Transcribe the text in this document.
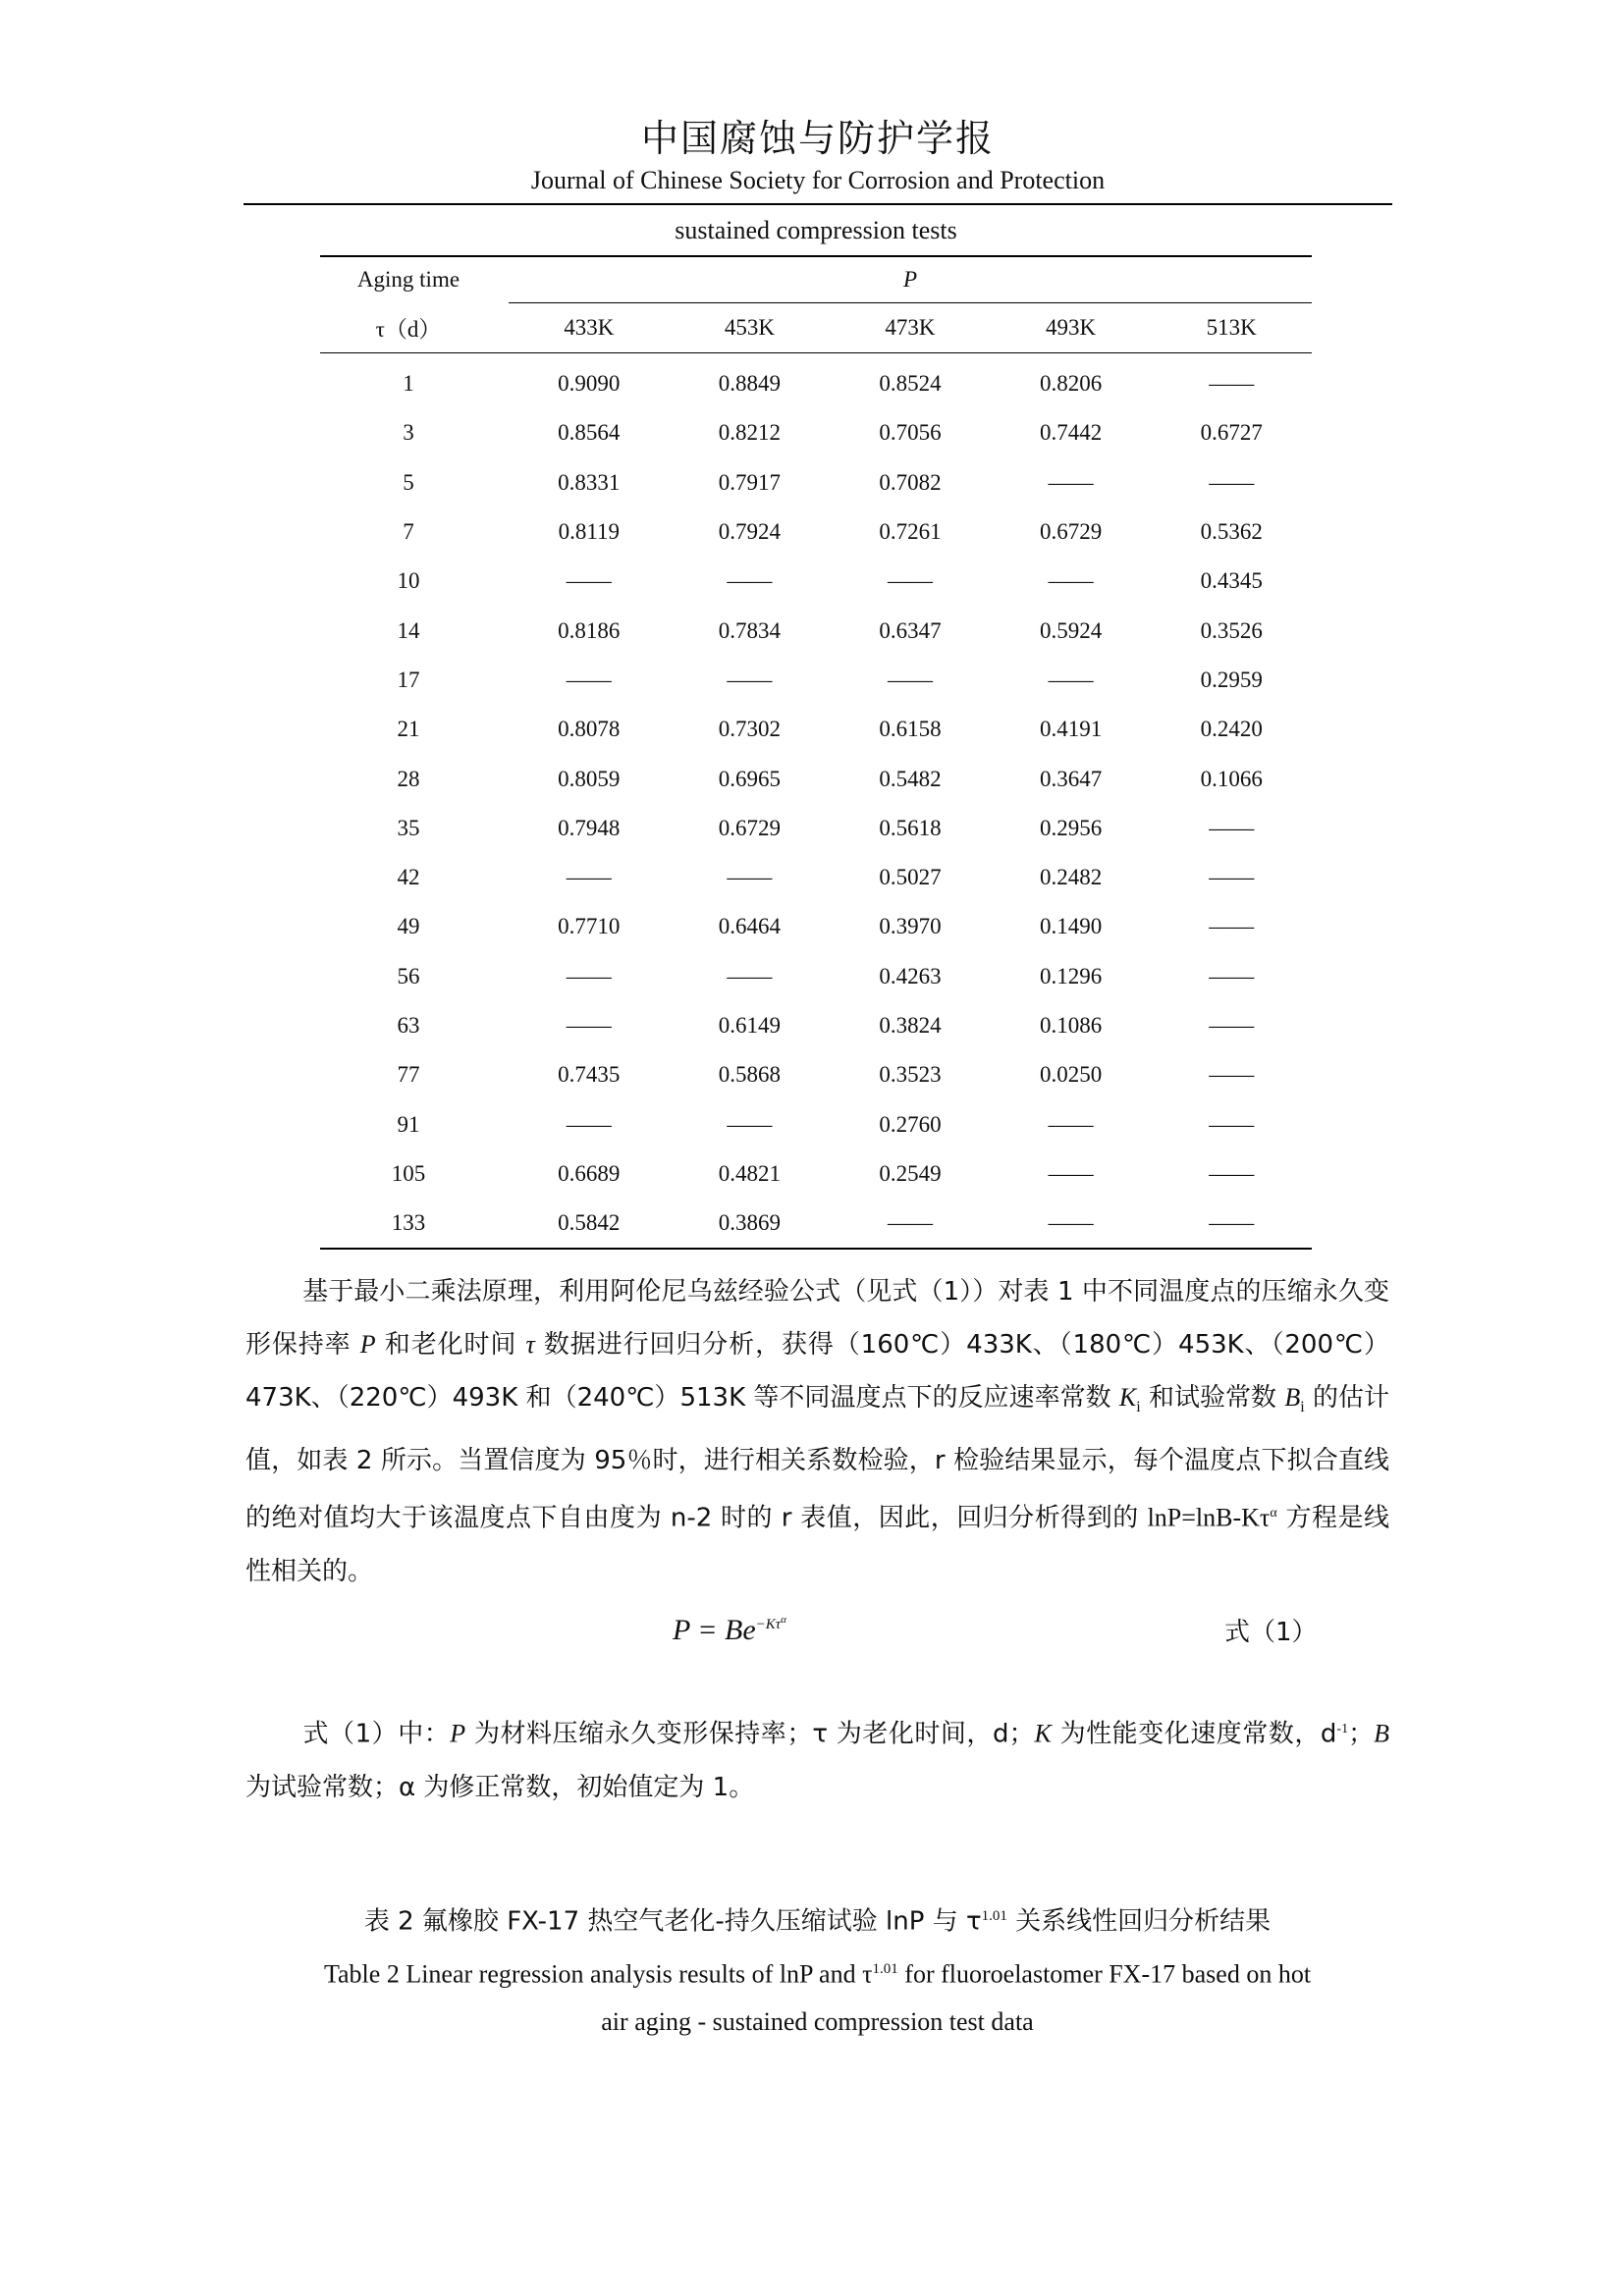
中国腐蚀与防护学报
Journal of Chinese Society for Corrosion and Protection
sustained compression tests
Aging time		P				
τ（d）		433K	453K	473K	493K	513K
1		0.9090	0.8849	0.8524	0.8206	——
3		0.8564	0.8212	0.7056	0.7442	0.6727
5		0.8331	0.7917	0.7082	——	——
7		0.8119	0.7924	0.7261	0.6729	0.5362
10		——	——	——	——	0.4345
14		0.8186	0.7834	0.6347	0.5924	0.3526
17		——	——	——	——	0.2959
21		0.8078	0.7302	0.6158	0.4191	0.2420
28		0.8059	0.6965	0.5482	0.3647	0.1066
35		0.7948	0.6729	0.5618	0.2956	——
42		——	——	0.5027	0.2482	——
49		0.7710	0.6464	0.3970	0.1490	——
56		——	——	0.4263	0.1296	——
63		——	0.6149	0.3824	0.1086	——
77		0.7435	0.5868	0.3523	0.0250	——
91		——	——	0.2760	——	——
105		0.6689	0.4821	0.2549	——	——
133		0.5842	0.3869	——	——	——
基于最小二乘法原理，利用阿伦尼乌兹经验公式（见式（1））对表 1 中不同温度点的压缩永久变形保持率 P 和老化时间 τ 数据进行回归分析，获得（160℃）433K、（180℃）453K、（200℃）473K、（220℃）493K 和（240℃）513K 等不同温度点下的反应速率常数 $K_i$ 和试验常数 $B_i$ 的估计值，如表 2 所示。当置信度为 95％时，进行相关系数检验，r 检验结果显示，每个温度点下拟合直线的绝对值均大于该温度点下自由度为 n-2 时的 r 表值，因此，回归分析得到的 $\ln P=\ln B-K\tau^\alpha$ 方程是线性相关的。
$P = Be^{-K\tau^\alpha}$	式（1）
式（1）中：P 为材料压缩永久变形保持率；τ 为老化时间，d；K 为性能变化速度常数，$d^{-1}$；B 为试验常数；α 为修正常数，初始值定为 1。
表 2 氟橡胶 FX-17 热空气老化-持久压缩试验 lnP 与 $\tau^{1.01}$ 关系线性回归分析结果
Table 2 Linear regression analysis results of lnP and $\tau^{1.01}$ for fluoroelastomer FX-17 based on hot
air aging - sustained compression test data
